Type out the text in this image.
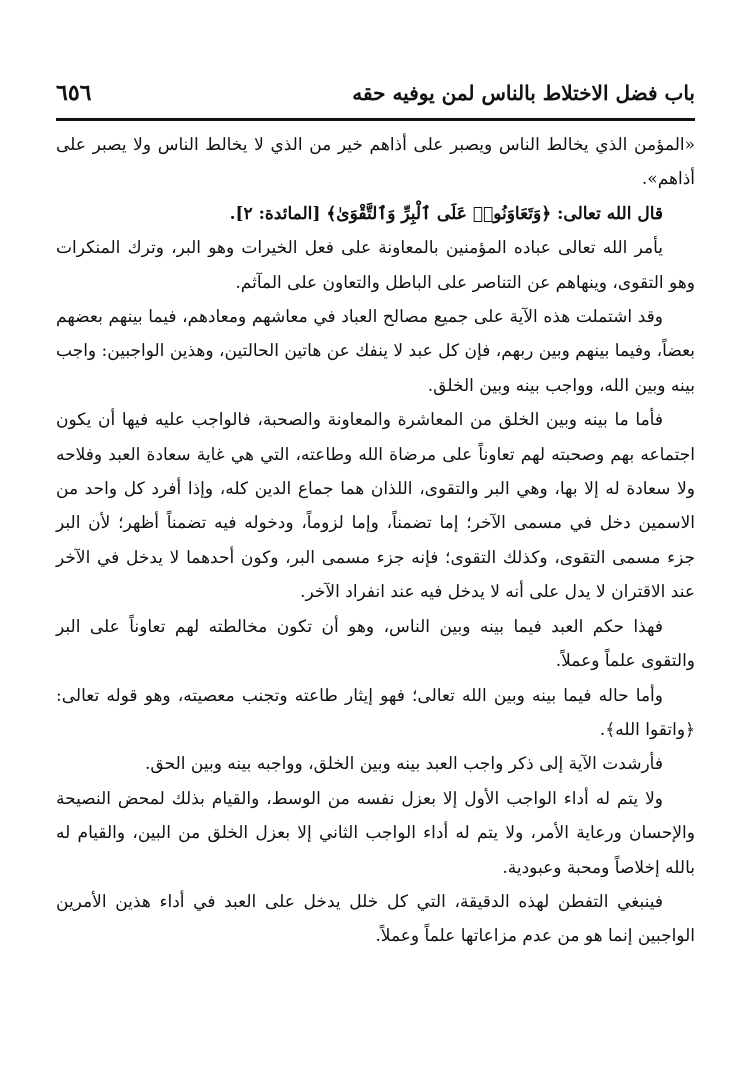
باب فضل الاختلاط بالناس لمن يوفيه حقه
٦٥٦

«المؤمن الذي يخالط الناس ويصبر على أذاهم خير من الذي لا يخالط الناس ولا يصبر على أذاهم».

قال الله تعالى: ﴿وَتَعَاوَنُوا۟ عَلَى ٱلْبِرِّ وَٱلتَّقْوَىٰ﴾ [المائدة: ٢].

يأمر الله تعالى عباده المؤمنين بالمعاونة على فعل الخيرات وهو البر، وترك المنكرات وهو التقوى، وينهاهم عن التناصر على الباطل والتعاون على المآثم.

وقد اشتملت هذه الآية على جميع مصالح العباد في معاشهم ومعادهم، فيما بينهم بعضهم بعضاً، وفيما بينهم وبين ربهم، فإن كل عبد لا ينفك عن هاتين الحالتين، وهذين الواجبين: واجب بينه وبين الله، وواجب بينه وبين الخلق.

فأما ما بينه وبين الخلق من المعاشرة والمعاونة والصحبة، فالواجب عليه فيها أن يكون اجتماعه بهم وصحبته لهم تعاوناً على مرضاة الله وطاعته، التي هي غاية سعادة العبد وفلاحه ولا سعادة له إلا بها، وهي البر والتقوى، اللذان هما جماع الدين كله، وإذا أفرد كل واحد من الاسمين دخل في مسمى الآخر؛ إما تضمناً، وإما لزوماً، ودخوله فيه تضمناً أظهر؛ لأن البر جزء مسمى التقوى، وكذلك التقوى؛ فإنه جزء مسمى البر، وكون أحدهما لا يدخل في الآخر عند الاقتران لا يدل على أنه لا يدخل فيه عند انفراد الآخر.

فهذا حكم العبد فيما بينه وبين الناس، وهو أن تكون مخالطته لهم تعاوناً على البر والتقوى علماً وعملاً.

وأما حاله فيما بينه وبين الله تعالى؛ فهو إيثار طاعته وتجنب معصيته، وهو قوله تعالى: ﴿واتقوا الله﴾.

فأرشدت الآية إلى ذكر واجب العبد بينه وبين الخلق، وواجبه بينه وبين الحق.

ولا يتم له أداء الواجب الأول إلا بعزل نفسه من الوسط، والقيام بذلك لمحض النصيحة والإحسان ورعاية الأمر، ولا يتم له أداء الواجب الثاني إلا بعزل الخلق من البين، والقيام له بالله إخلاصاً ومحبة وعبودية.

فينبغي التفطن لهذه الدقيقة، التي كل خلل يدخل على العبد في أداء هذين الأمرين الواجبين إنما هو من عدم مزاعاتها علماً وعملاً.
